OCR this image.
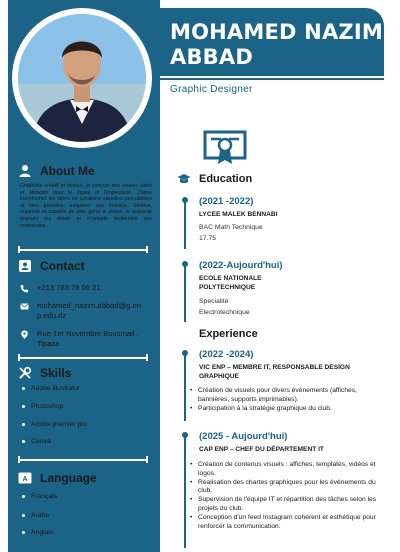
About Me
Graphiste créatif et motivé, je conçois des visuels clairs et attractifs pour le digital et l'impression. J'aime transformer les idées en créations visuelles percutantes et bien pensées, adaptées aux besoins. Sérieux, organisé et capable de bien gérer le stress, je respecte toujours les délais et m'adapte facilement aux contraintes.
Contact
+213 783 76 06 21
mohamed_nazim.abbad@g.en p.edu.dz
Rue 1er Novembre Bousmail , Tipaza
Skills
Adobe illustrator
Photoshop
Adobe premier pro
Canva
A Language
Français
Arabe
Anglais
MOHAMED NAZIM ABBAD
Graphic Designer
Education
(2021 -2022)
LYCEE MALEK BENNABI
BAC Math Technique
17.75
(2022-Aujourd'hui)
ECOLE NATIONALE POLYTECHNIQUE
Specialité
Electrotechnique
Experience
(2022 -2024)
VIC ENP – MEMBRE IT, RESPONSABLE DESIGN GRAPHIQUE
• Création de visuels pour divers événements (affiches, bannières, supports imprimables).
• Participation à la stratégie graphique du club.
(2025 - Aujourd'hui)
CAP ENP – CHEF DU DÉPARTEMENT IT
• Création de contenus visuels : affiches, templates, vidéos et logos.
• Réalisation des chartes graphiques pour les événements du club.
• Supervision de l'équipe IT et répartition des tâches selon les projets du club.
• Conception d'un feed Instagram cohérent et esthétique pour renforcer la communication.
